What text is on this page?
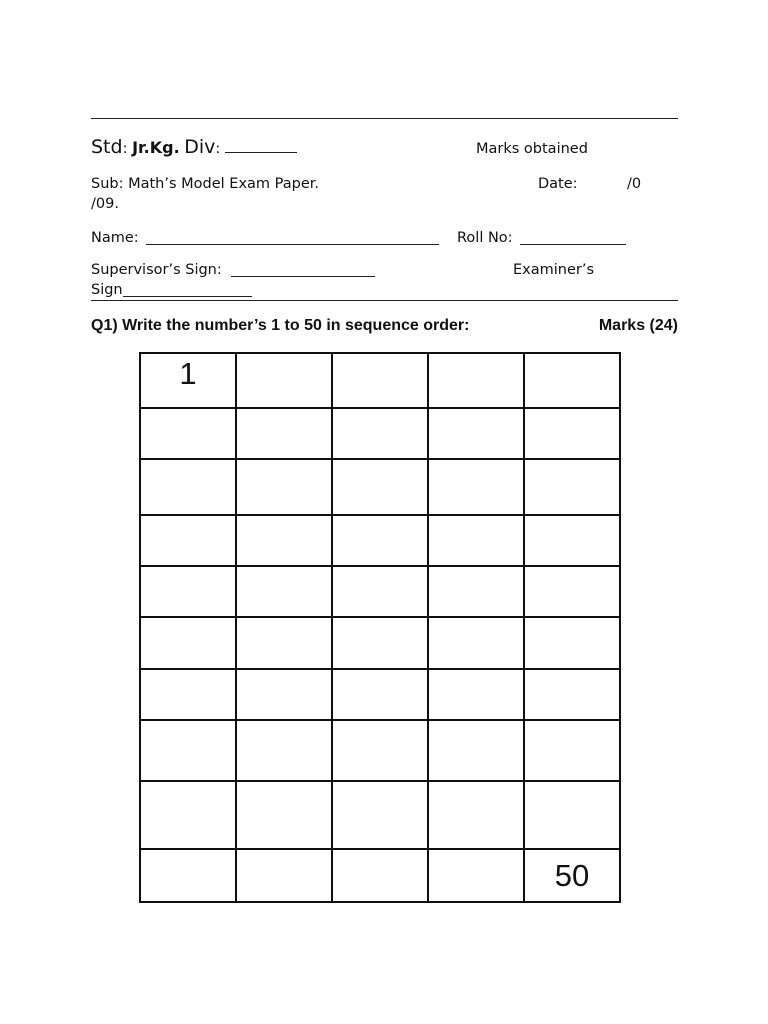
Std: Jr.Kg. Div:	Marks obtained
Sub: Math’s Model Exam Paper.	Date:	/0
/09.
Name:	Roll No:
Supervisor’s Sign:	Examiner’s
Sign
Q1) Write the number’s 1 to 50 in sequence order:	Marks (24)
1				

				50
